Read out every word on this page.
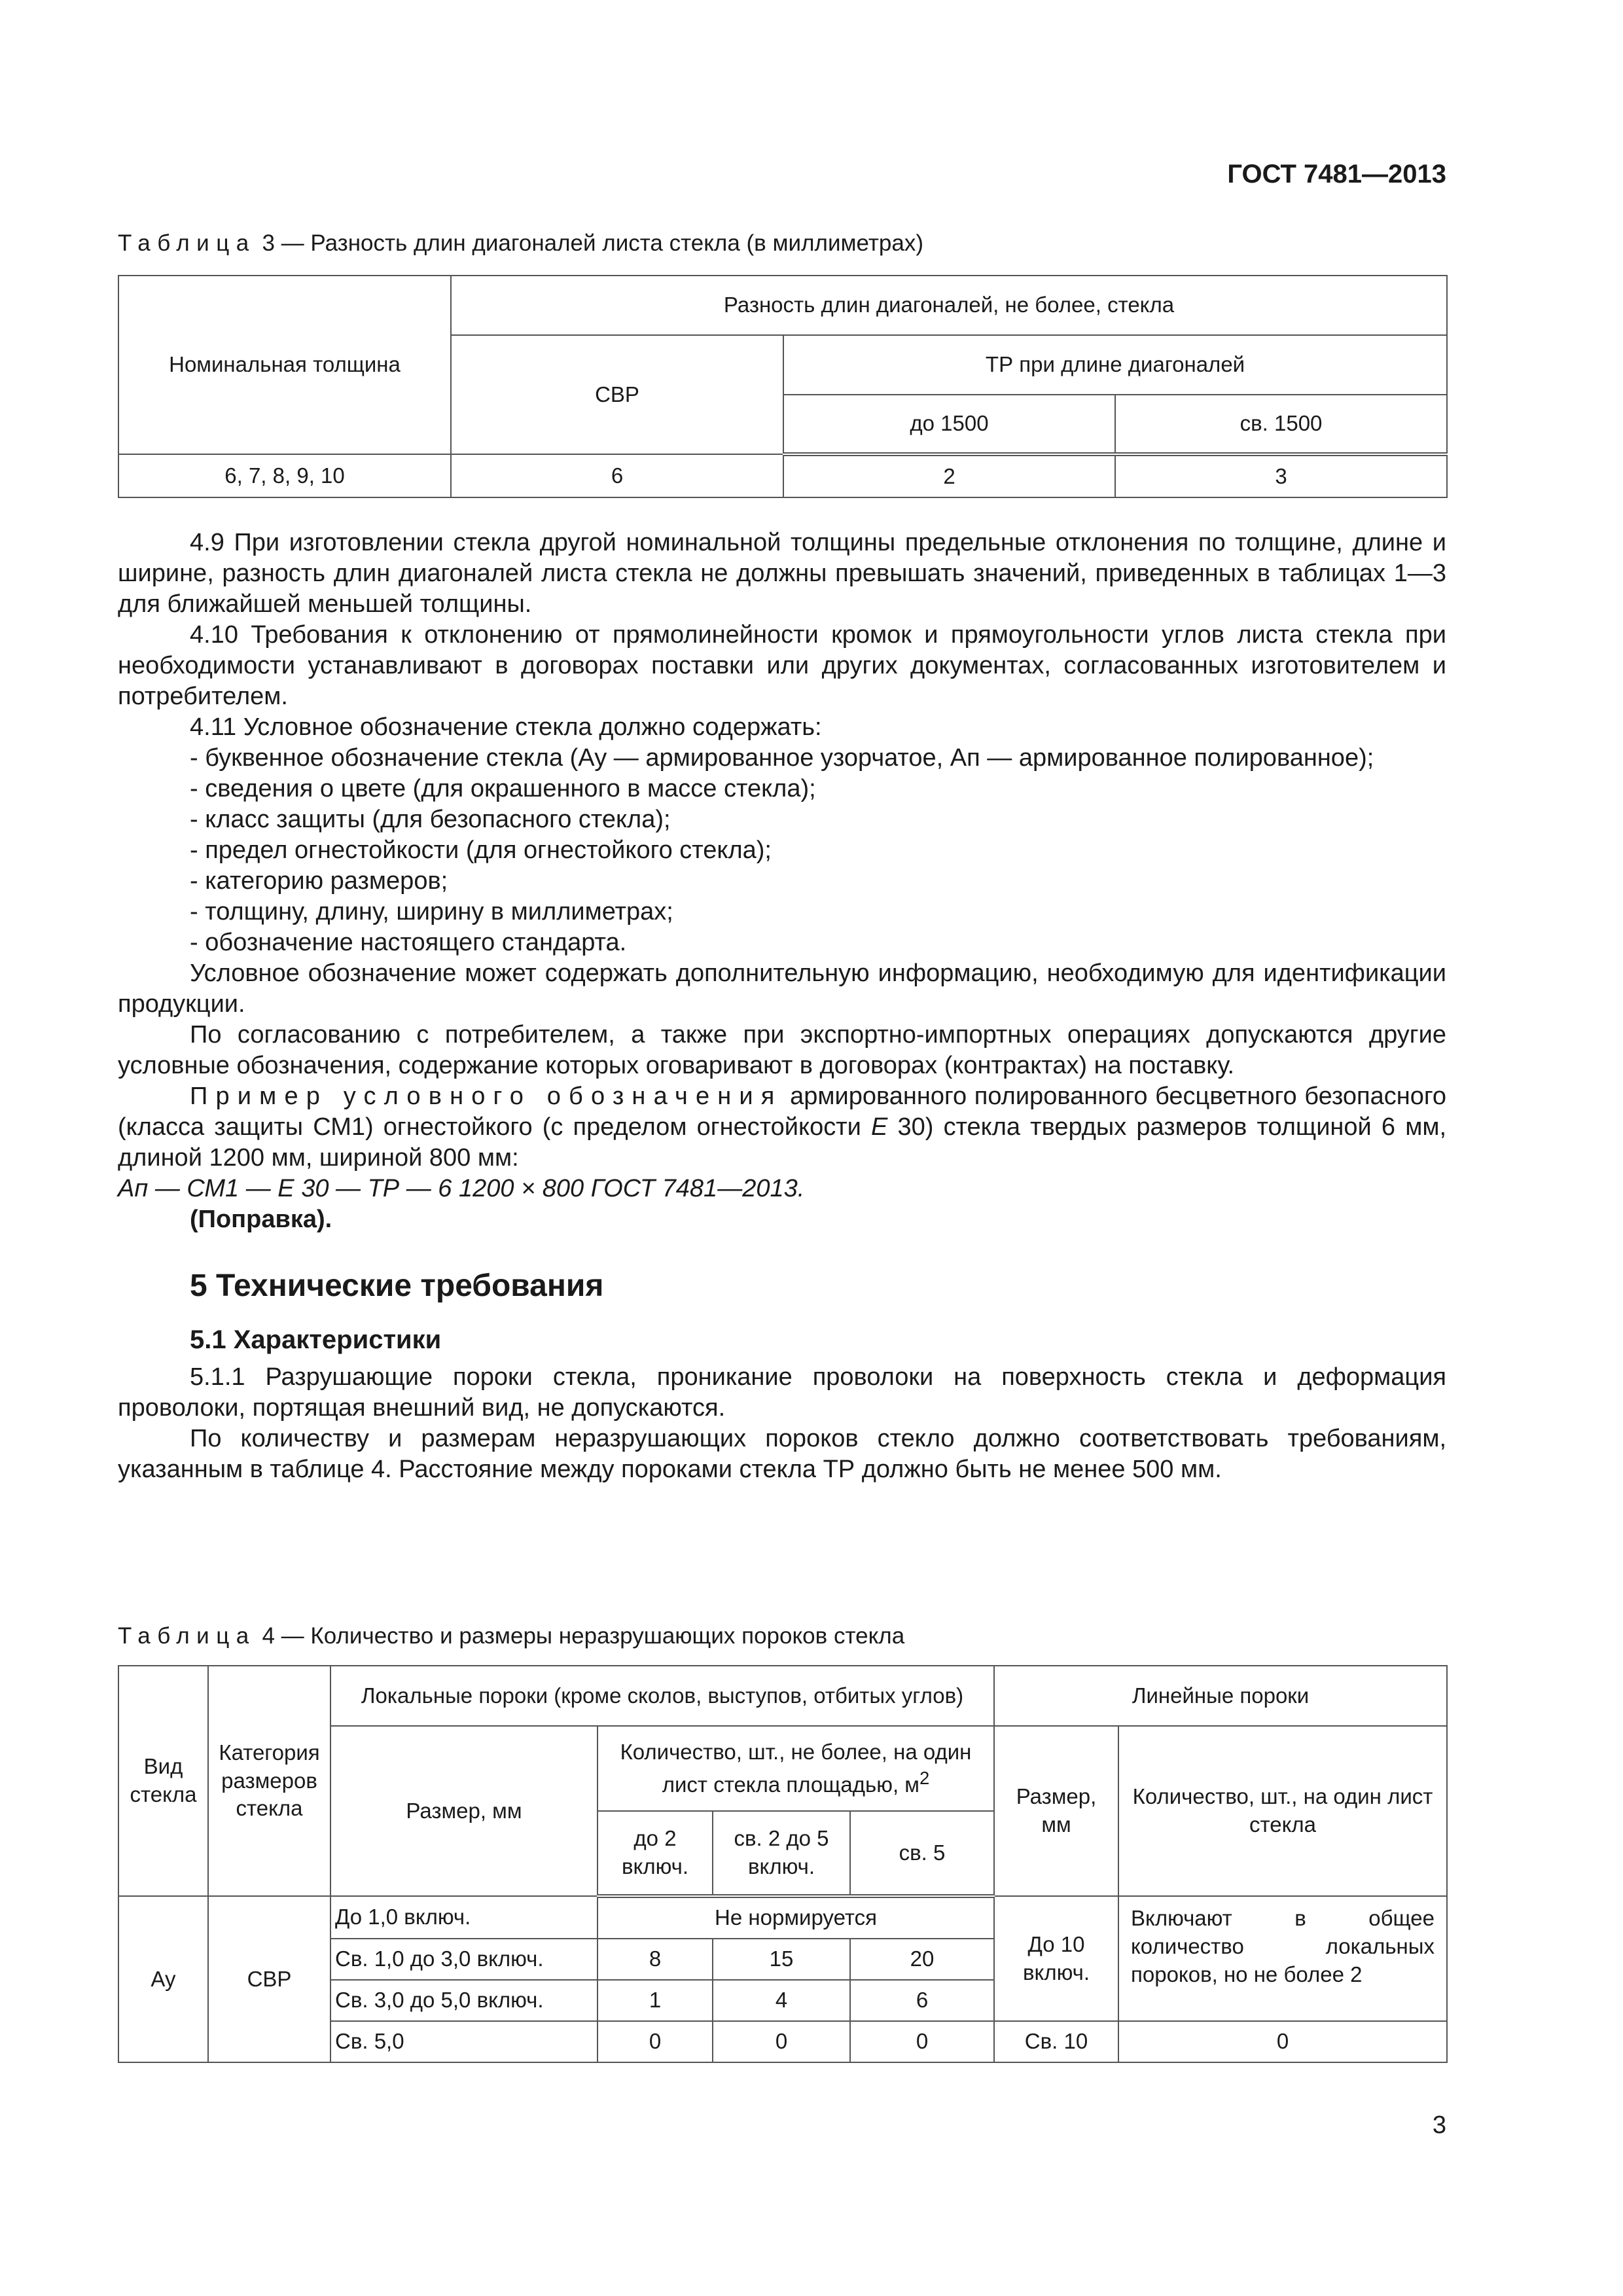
ГОСТ 7481—2013
Таблица 3 — Разность длин диагоналей листа стекла (в миллиметрах)
Номинальная толщина	Разность длин диагоналей, не более, стекла		
	СВР	ТР при длине диагоналей	
		до 1500	св. 1500
6, 7, 8, 9, 10	6	2	3

4.9 При изготовлении стекла другой номинальной толщины предельные отклонения по толщине, длине и ширине, разность длин диагоналей листа стекла не должны превышать значений, приведенных в таблицах 1—3 для ближайшей меньшей толщины.

4.10 Требования к отклонению от прямолинейности кромок и прямоугольности углов листа стекла при необходимости устанавливают в договорах поставки или других документах, согласованных изготовителем и потребителем.

4.11 Условное обозначение стекла должно содержать:

- буквенное обозначение стекла (Ау — армированное узорчатое, Ап — армированное полированное);

- сведения о цвете (для окрашенного в массе стекла);

- класс защиты (для безопасного стекла);

- предел огнестойкости (для огнестойкого стекла);

- категорию размеров;

- толщину, длину, ширину в миллиметрах;

- обозначение настоящего стандарта.

Условное обозначение может содержать дополнительную информацию, необходимую для идентификации продукции.

По согласованию с потребителем, а также при экспортно-импортных операциях допускаются другие условные обозначения, содержание которых оговаривают в договорах (контрактах) на поставку.

Пример условного обозначения армированного полированного бесцветного безопасного (класса защиты СМ1) огнестойкого (с пределом огнестойкости Е 30) стекла твердых размеров толщиной 6 мм, длиной 1200 мм, шириной 800 мм:

Ап — СМ1 — Е 30 — ТР — 6 1200 × 800 ГОСТ 7481—2013.

(Поправка).

5 Технические требования
5.1 Характеристики

5.1.1 Разрушающие пороки стекла, проникание проволоки на поверхность стекла и деформация проволоки, портящая внешний вид, не допускаются.

По количеству и размерам неразрушающих пороков стекло должно соответствовать требованиям, указанным в таблице 4. Расстояние между пороками стекла ТР должно быть не менее 500 мм.

Таблица 4 — Количество и размеры неразрушающих пороков стекла
Вид стекла	Категория размеров стекла	Локальные пороки (кроме сколов, выступов, отбитых углов)				Линейные пороки	
		Размер, мм	Количество, шт., не более, на один лист стекла площадью, $м^2$			Размер, мм	Количество, шт., на один лист стекла
			до 2 включ.	св. 2 до 5 включ.	св. 5		
Ау	СВР	До 1,0 включ.	Не нормируется			До 10 включ.	Включают в общее количество локальных пороков, но не более 2
		Св. 1,0 до 3,0 включ.	8	15	20		
		Св. 3,0 до 5,0 включ.	1	4	6		
		Св. 5,0	0	0	0	Св. 10	0
3
